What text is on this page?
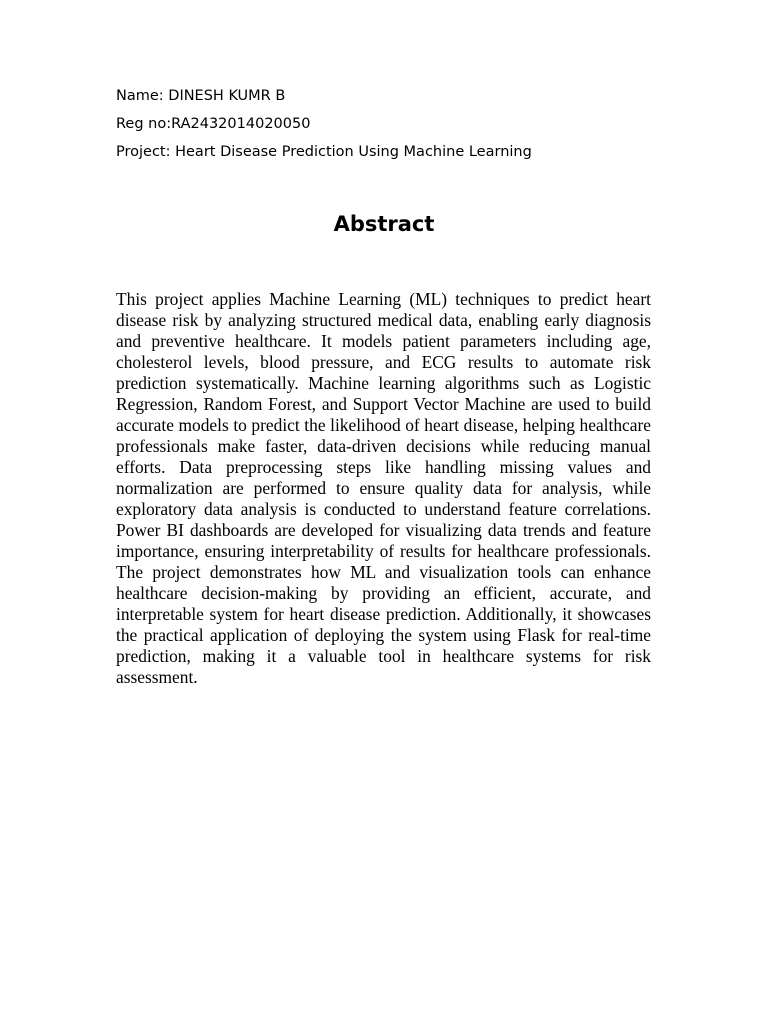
Name: DINESH KUMR B
Reg no:RA2432014020050
Project: Heart Disease Prediction Using Machine Learning
Abstract

This project applies Machine Learning (ML) techniques to predict heart disease risk by analyzing structured medical data, enabling early diagnosis and preventive healthcare. It models patient parameters including age, cholesterol levels, blood pressure, and ECG results to automate risk prediction systematically. Machine learning algorithms such as Logistic Regression, Random Forest, and Support Vector Machine are used to build accurate models to predict the likelihood of heart disease, helping healthcare professionals make faster, data-driven decisions while reducing manual efforts. Data preprocessing steps like handling missing values and normalization are performed to ensure quality data for analysis, while exploratory data analysis is conducted to understand feature correlations. Power BI dashboards are developed for visualizing data trends and feature importance, ensuring interpretability of results for healthcare professionals. The project demonstrates how ML and visualization tools can enhance healthcare decision-making by providing an efficient, accurate, and interpretable system for heart disease prediction. Additionally, it showcases the practical application of deploying the system using Flask for real-time prediction, making it a valuable tool in healthcare systems for risk assessment.
